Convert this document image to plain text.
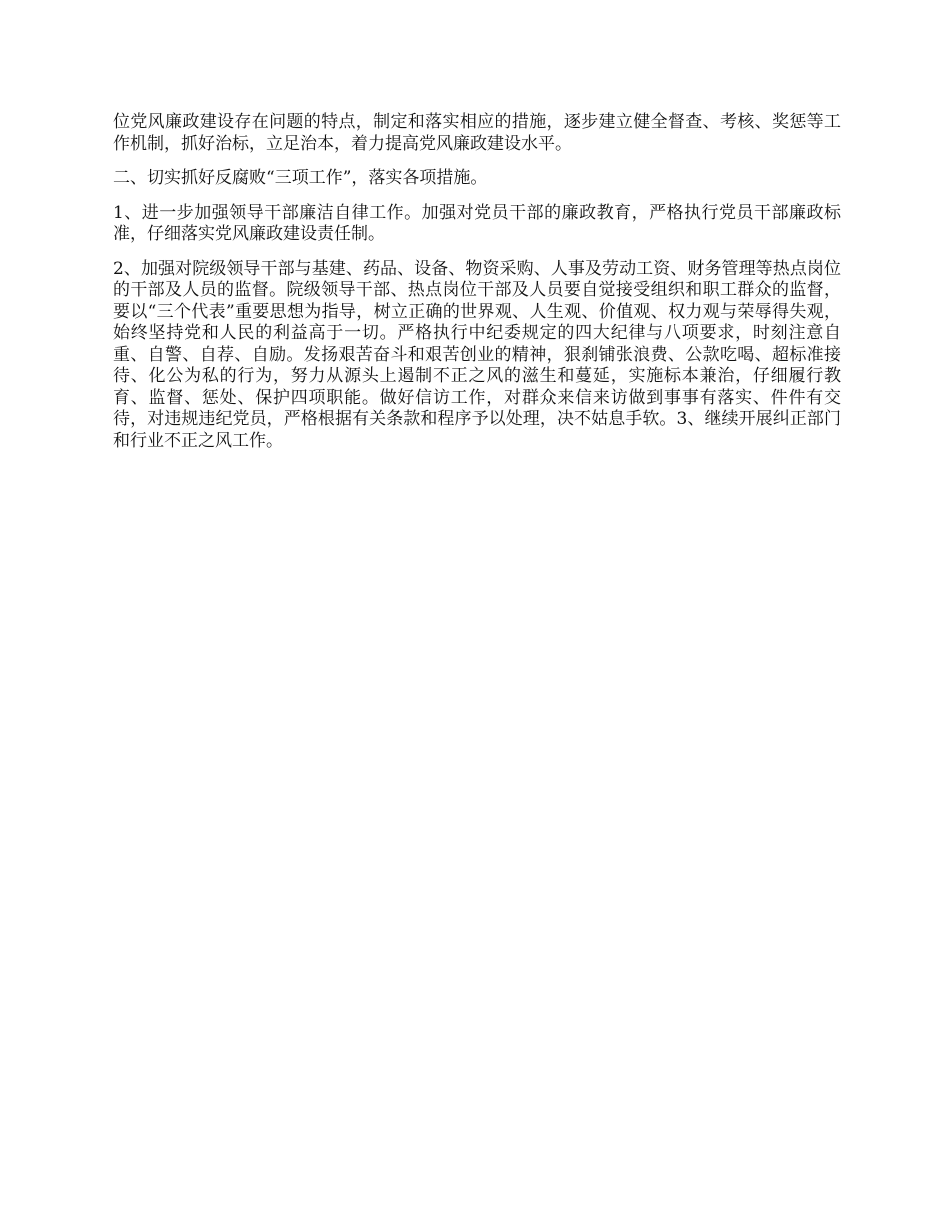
位党风廉政建设存在问题的特点，制定和落实相应的措施，逐步建立健全督查、考核、奖惩等工作机制，抓好治标，立足治本，着力提高党风廉政建设水平。

二、切实抓好反腐败“三项工作”，落实各项措施。

1、进一步加强领导干部廉洁自律工作。加强对党员干部的廉政教育，严格执行党员干部廉政标准，仔细落实党风廉政建设责任制。

2、加强对院级领导干部与基建、药品、设备、物资采购、人事及劳动工资、财务管理等热点岗位的干部及人员的监督。院级领导干部、热点岗位干部及人员要自觉接受组织和职工群众的监督，要以“三个代表”重要思想为指导，树立正确的世界观、人生观、价值观、权力观与荣辱得失观，始终坚持党和人民的利益高于一切。严格执行中纪委规定的四大纪律与八项要求，时刻注意自重、自警、自荐、自励。发扬艰苦奋斗和艰苦创业的精神，狠刹铺张浪费、公款吃喝、超标准接待、化公为私的行为，努力从源头上遏制不正之风的滋生和蔓延，实施标本兼治，仔细履行教育、监督、惩处、保护四项职能。做好信访工作，对群众来信来访做到事事有落实、件件有交待，对违规违纪党员，严格根据有关条款和程序予以处理，决不姑息手软。3、继续开展纠正部门和行业不正之风工作。
